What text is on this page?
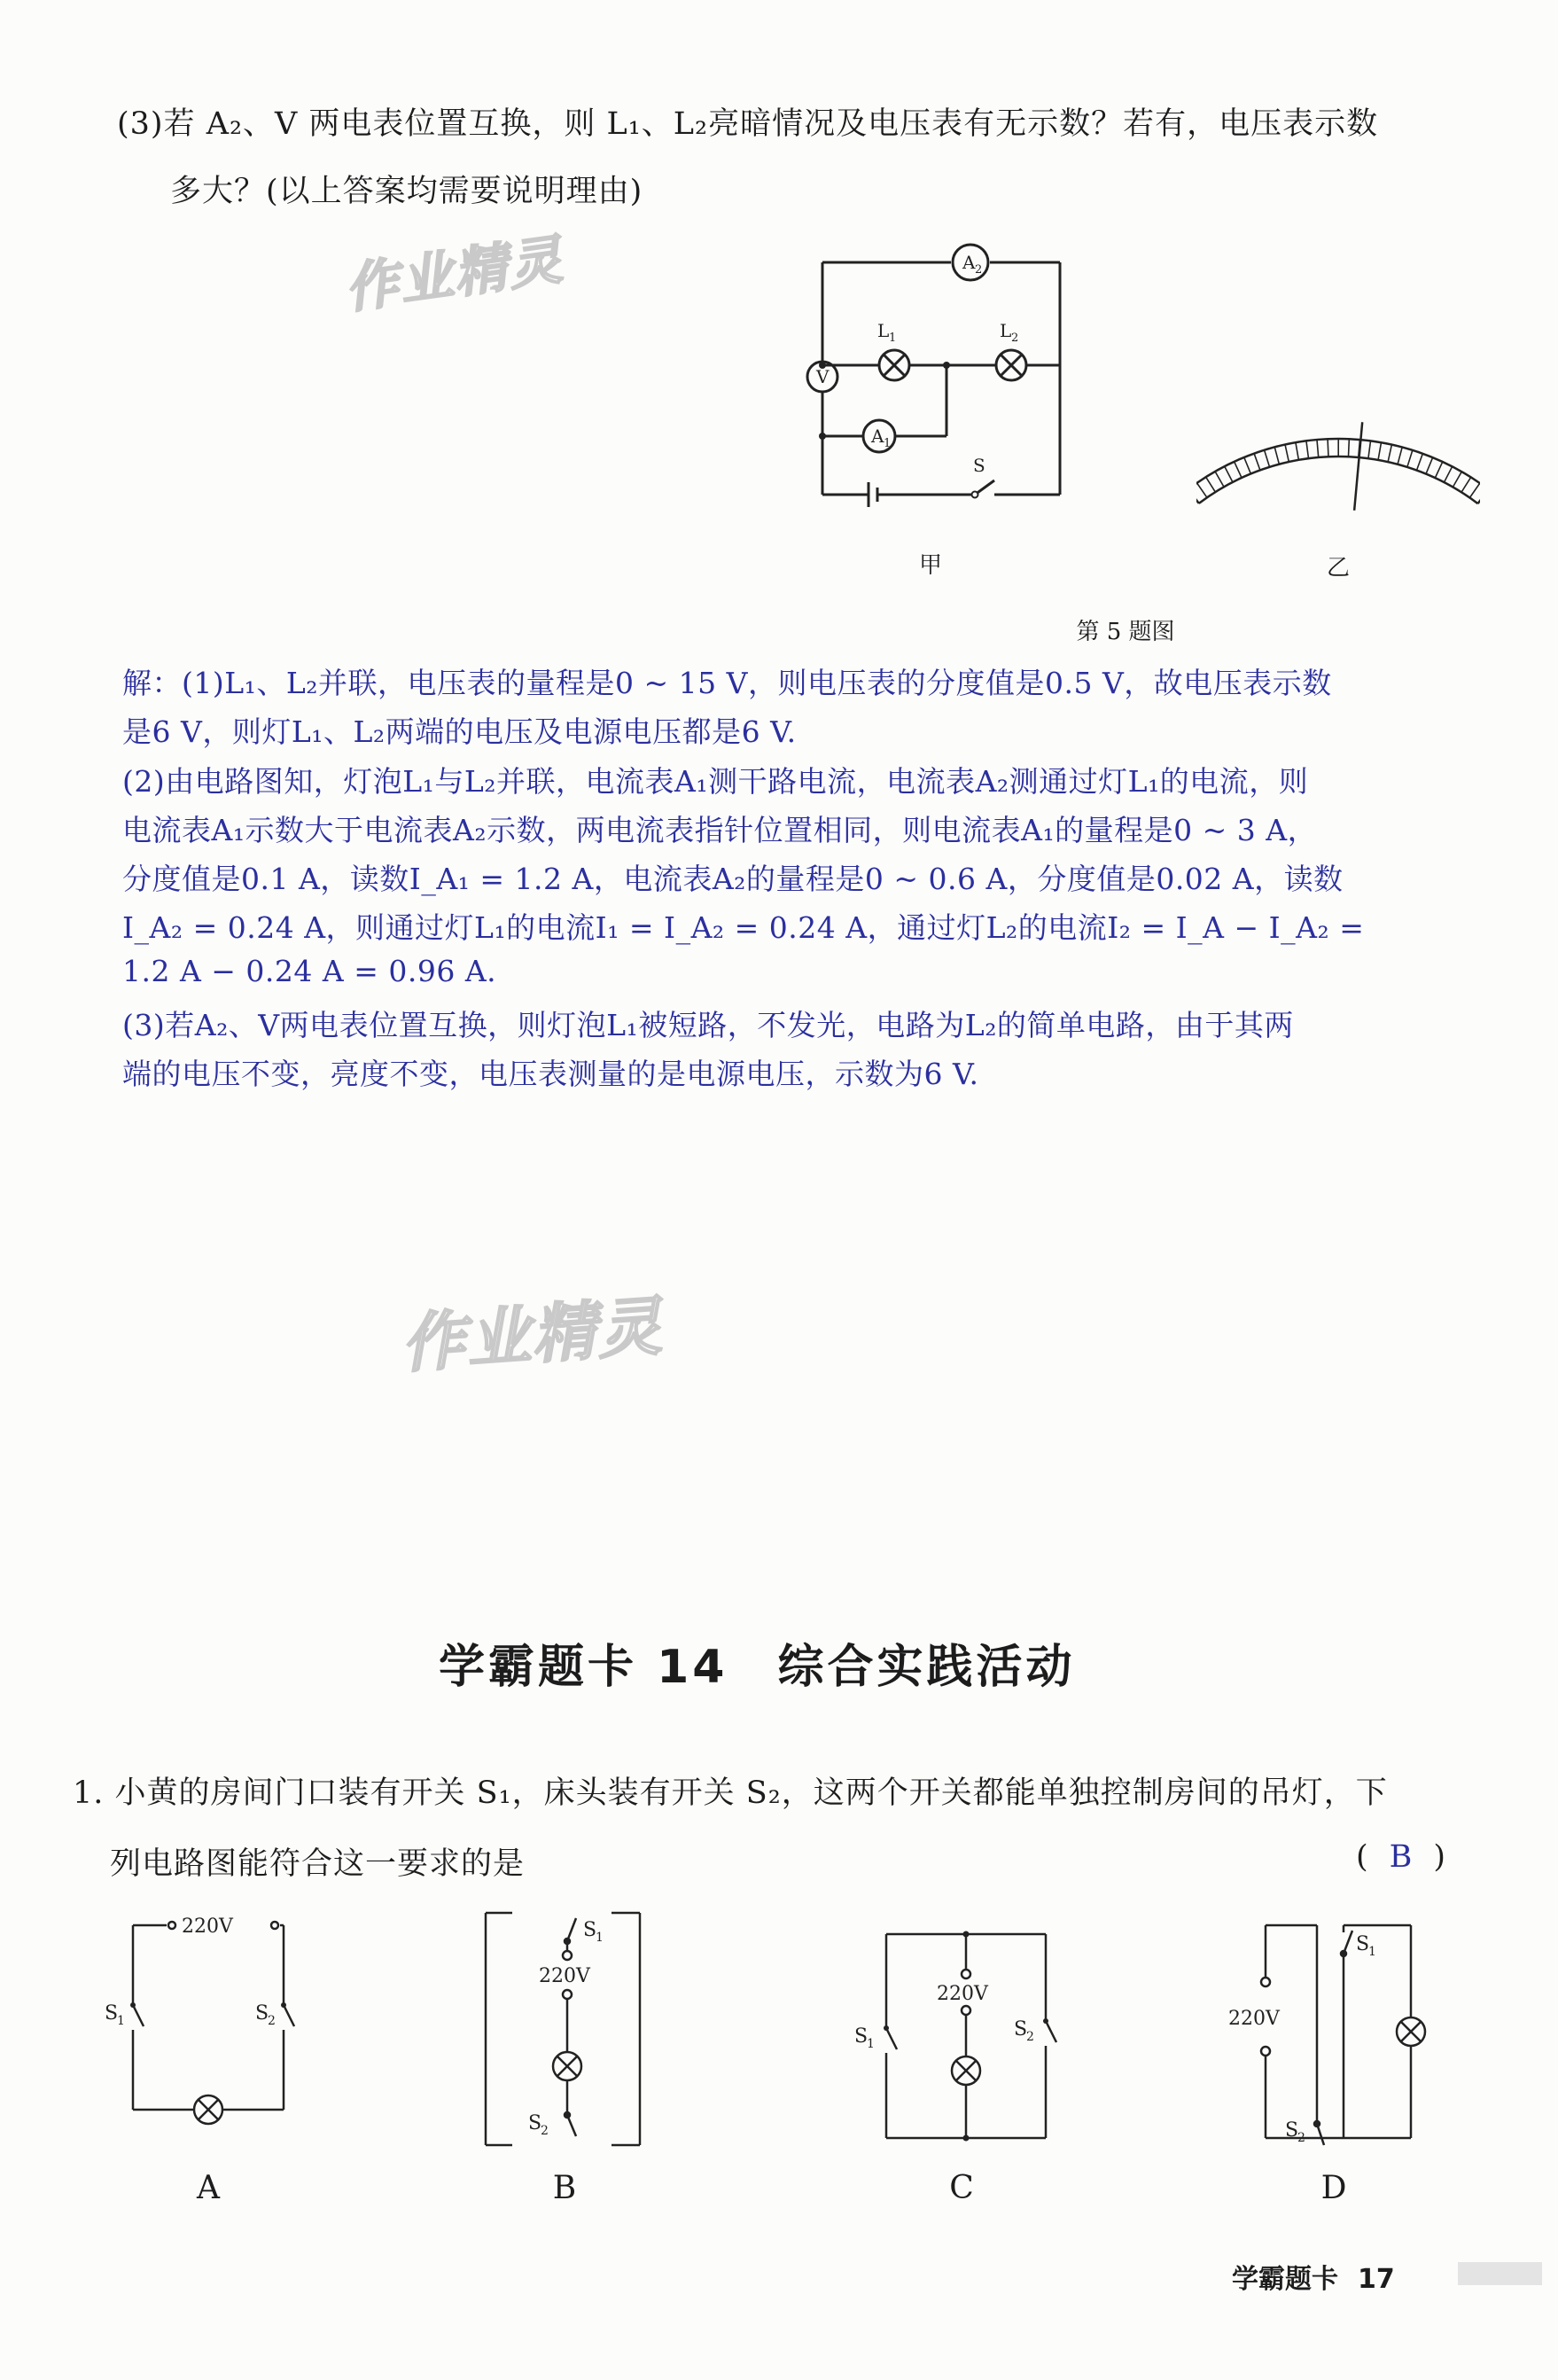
(3)若 A₂、V 两电表位置互换，则 L₁、L₂亮暗情况及电压表有无示数？若有，电压表示数
多大？(以上答案均需要说明理由)
作业精灵
作业精灵
A 2
V
A 1
L 1	L 2
S
甲	乙
第 5 题图
解：(1)L₁、L₂并联，电压表的量程是0 ~ 15 V，则电压表的分度值是0.5 V，故电压表示数
是6 V，则灯L₁、L₂两端的电压及电源电压都是6 V.
(2)由电路图知，灯泡L₁与L₂并联，电流表A₁测干路电流，电流表A₂测通过灯L₁的电流，则
电流表A₁示数大于电流表A₂示数，两电流表指针位置相同，则电流表A₁的量程是0 ~ 3 A，
分度值是0.1 A，读数I_A₁ = 1.2 A，电流表A₂的量程是0 ~ 0.6 A，分度值是0.02 A，读数
I_A₂ = 0.24 A，则通过灯L₁的电流I₁ = I_A₂ = 0.24 A，通过灯L₂的电流I₂ = I_A − I_A₂ =
1.2 A − 0.24 A = 0.96 A.
(3)若A₂、V两电表位置互换，则灯泡L₁被短路，不发光，电路为L₂的简单电路，由于其两
端的电压不变，亮度不变，电压表测量的是电源电压，示数为6 V.
学霸题卡 14　综合实践活动
1. 小黄的房间门口装有开关 S₁，床头装有开关 S₂，这两个开关都能单独控制房间的吊灯，下
列电路图能符合这一要求的是	( B )
220V
S
1	S
2
S
1
220V
S
2
220V
S
1
S
2
S
1
220V
S
2
A	B	C	D
学霸题卡 17
